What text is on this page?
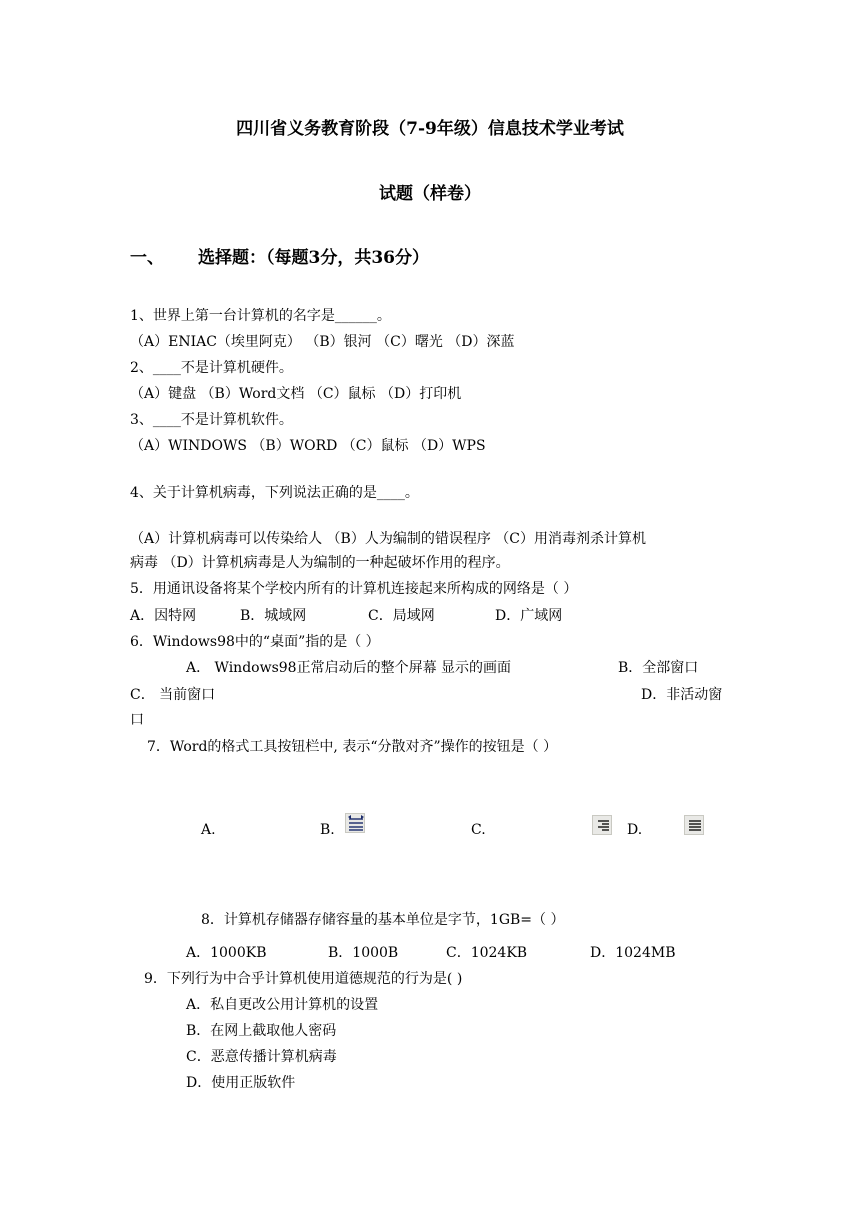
四川省义务教育阶段（7-9年级）信息技术学业考试
试题（样卷）
一、 选择题：（每题3分，共36分）
1、世界上第一台计算机的名字是______。
（A）ENIAC（埃里阿克） （B）银河 （C）曙光 （D）深蓝
2、____不是计算机硬件。
（A）键盘 （B）Word文档 （C）鼠标 （D）打印机
3、____不是计算机软件。
（A）WINDOWS （B）WORD （C）鼠标 （D）WPS
4、关于计算机病毒，下列说法正确的是____。
（A）计算机病毒可以传染给人 （B）人为编制的错误程序 （C）用消毒剂杀计算机
病毒 （D）计算机病毒是人为编制的一种起破坏作用的程序。
5．用通讯设备将某个学校内所有的计算机连接起来所构成的网络是（ ）
A．因特网	B．城域网	C．局域网	D．广域网
6．Windows98中的“桌面”指的是（ ）
A． Windows98正常启动后的整个屏幕 显示的画面	B．全部窗口
C． 当前窗口	D．非活动窗
口
7．Word的格式工具按钮栏中, 表示“分散对齐”操作的按钮是（ ）
A.	B.	C.	D.
8．计算机存储器存储容量的基本单位是字节，1GB=（ ）
A．1000KB	B．1000B	C．1024KB	D．1024MB
9．下列行为中合乎计算机使用道德规范的行为是( )
A．私自更改公用计算机的设置
B．在网上截取他人密码
C．恶意传播计算机病毒
D．使用正版软件
